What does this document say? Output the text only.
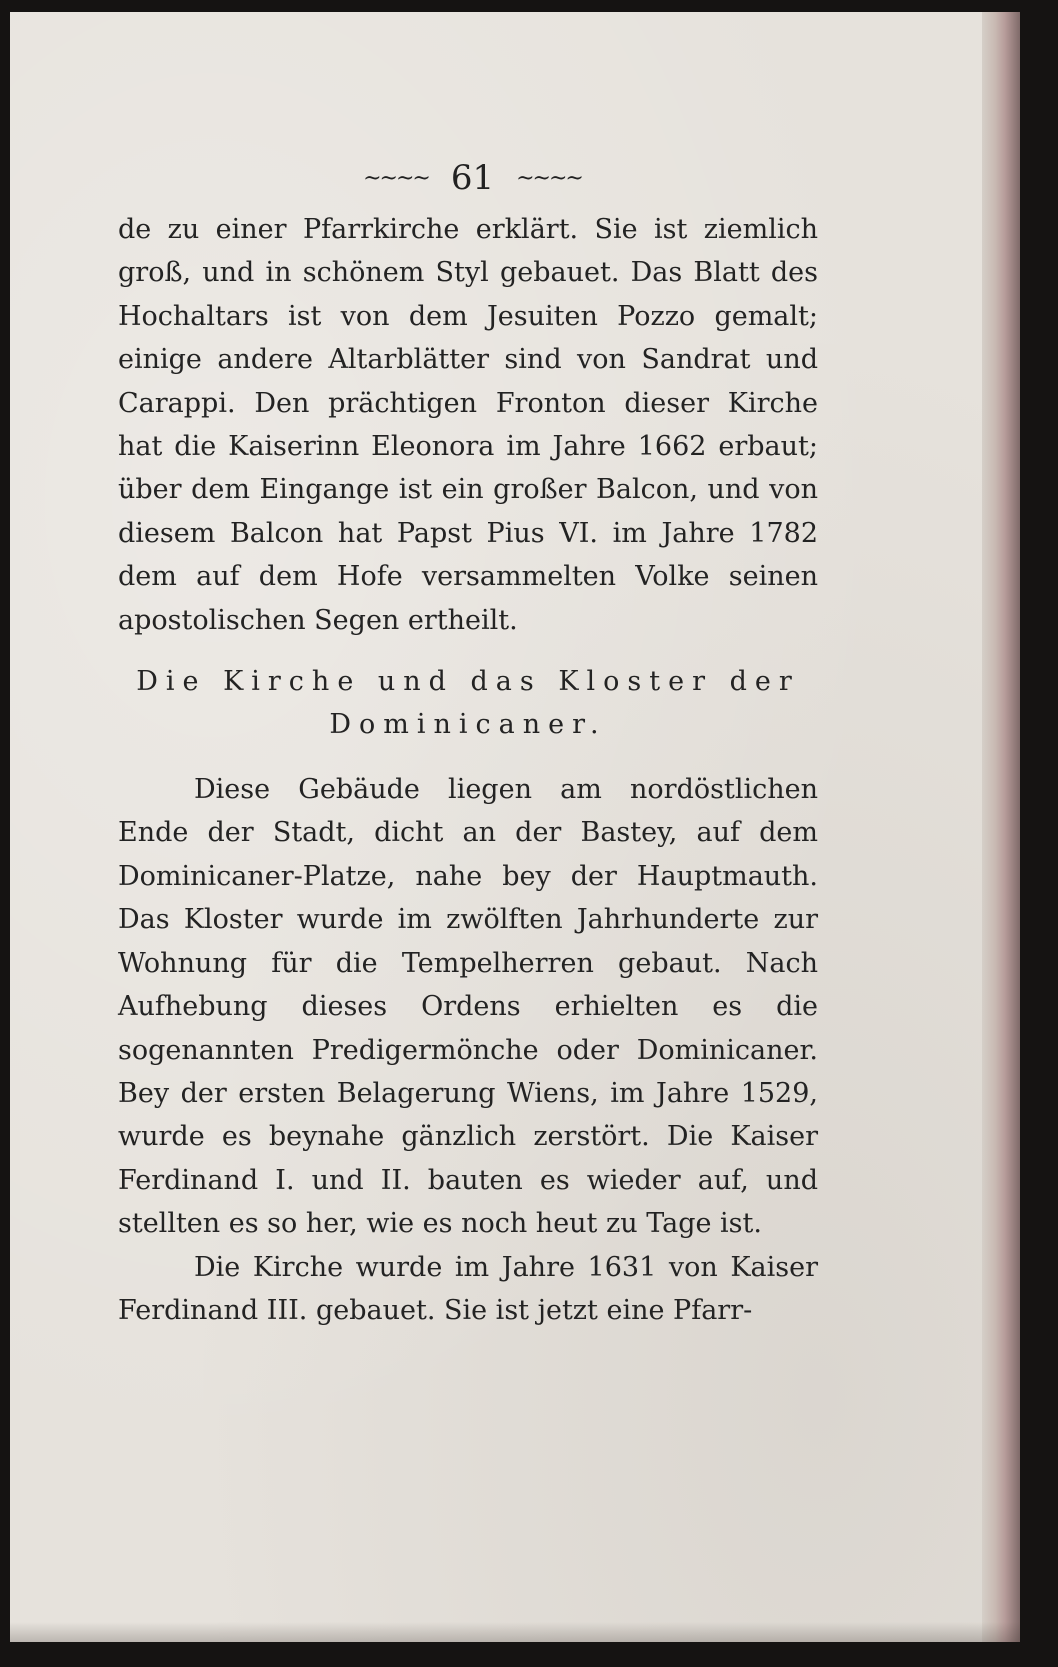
~~~~ 61 ~~~~

de zu einer Pfarrkirche erklärt. Sie ist ziemlich groß, und in schönem Styl gebauet. Das Blatt des Hochaltars ist von dem Jesuiten Pozzo gemalt; einige andere Altarblätter sind von Sandrat und Carappi. Den prächtigen Fronton dieser Kirche hat die Kaiserinn Eleonora im Jahre 1662 erbaut; über dem Eingange ist ein großer Balcon, und von diesem Balcon hat Papst Pius VI. im Jahre 1782 dem auf dem Hofe versammelten Volke seinen apostolischen Segen ertheilt.

Die Kirche und das Kloster der
Dominicaner.

Diese Gebäude liegen am nordöstlichen Ende der Stadt, dicht an der Bastey, auf dem Dominicaner-Platze, nahe bey der Hauptmauth. Das Kloster wurde im zwölften Jahrhunderte zur Wohnung für die Tempelherren gebaut. Nach Aufhebung dieses Ordens erhielten es die sogenannten Predigermönche oder Dominicaner. Bey der ersten Belagerung Wiens, im Jahre 1529, wurde es beynahe gänzlich zerstört. Die Kaiser Ferdinand I. und II. bauten es wieder auf, und stellten es so her, wie es noch heut zu Tage ist.

Die Kirche wurde im Jahre 1631 von Kaiser Ferdinand III. gebauet. Sie ist jetzt eine Pfarr-
